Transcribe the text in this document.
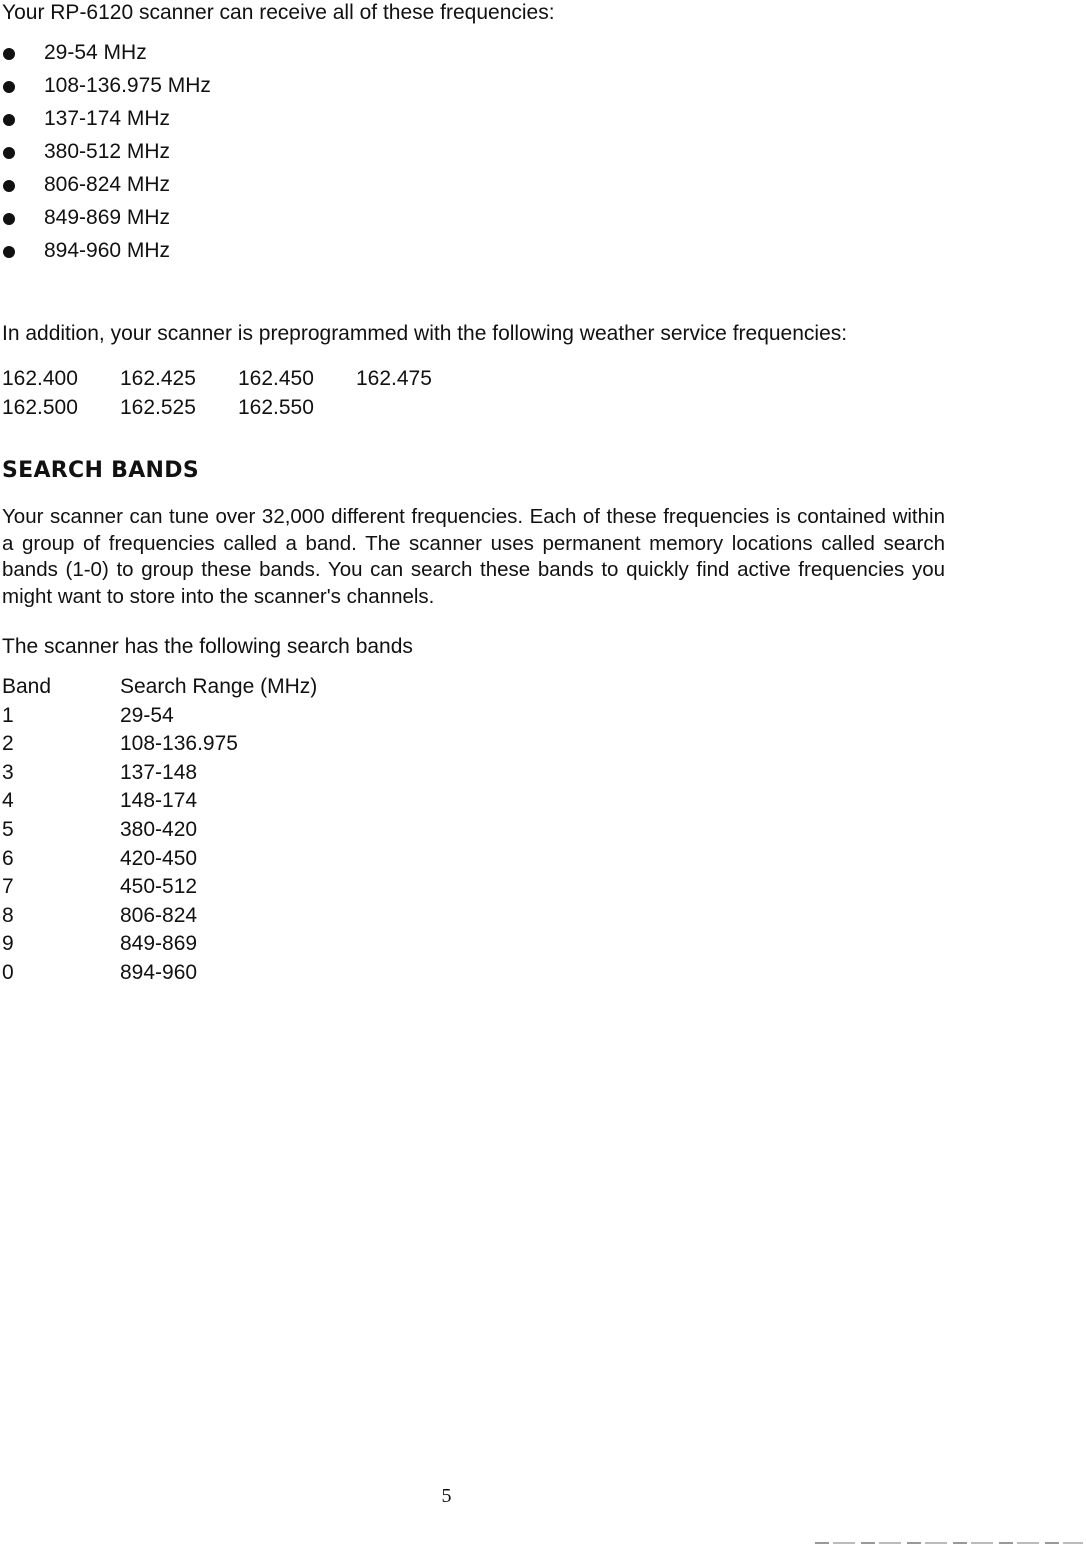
Your RP-6120 scanner can receive all of these frequencies:
29-54 MHz
108-136.975 MHz
137-174 MHz
380-512 MHz
806-824 MHz
849-869 MHz
894-960 MHz
In addition, your scanner is preprogrammed with the following weather service frequencies:
162.400 162.425 162.450 162.475
162.500 162.525 162.550
SEARCH BANDS
Your scanner can tune over 32,000 different frequencies. Each of these frequencies is contained within a group of frequencies called a band. The scanner uses permanent memory locations called search bands (1-0) to group these bands. You can search these bands to quickly find active frequencies you might want to store into the scanner's channels.
The scanner has the following search bands
Band	Search Range (MHz)
1	29-54
2	108-136.975
3	137-148
4	148-174
5	380-420
6	420-450
7	450-512
8	806-824
9	849-869
0	894-960
5
